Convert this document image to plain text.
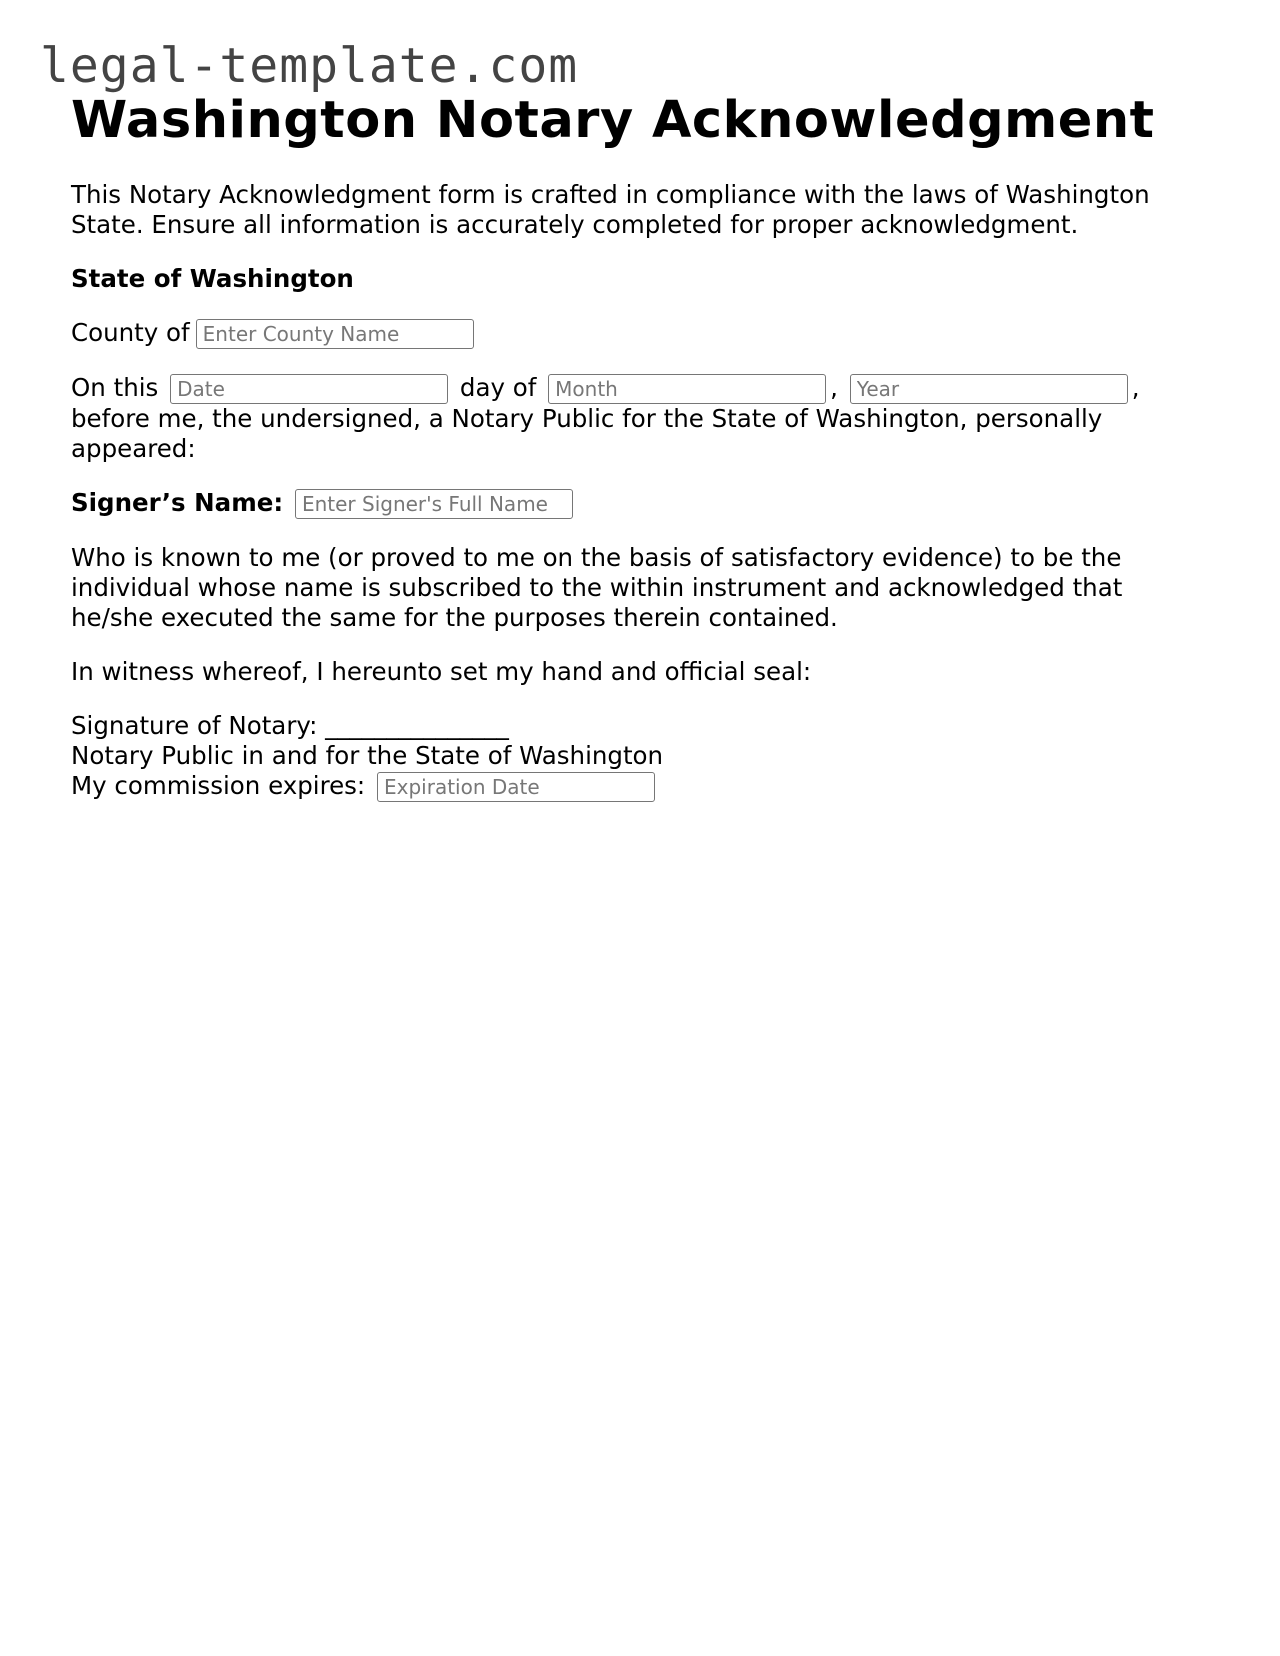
legal-template.com
Washington Notary Acknowledgment

This Notary Acknowledgment form is crafted in compliance with the laws of Washington State. Ensure all information is accurately completed for proper acknowledgment.

State of Washington

County ofEnter County Name

On this Date	day of Month	, Year	, before me, the undersigned, a Notary Public for the State of Washington, personally appeared:

Signer’s Name: Enter Signer's Full Name

Who is known to me (or proved to me on the basis of satisfactory evidence) to be the individual whose name is subscribed to the within instrument and acknowledged that he/she executed the same for the purposes therein contained.

In witness whereof, I hereunto set my hand and official seal:

Signature of Notary: _______________

Notary Public in and for the State of Washington

My commission expires: Expiration Date
